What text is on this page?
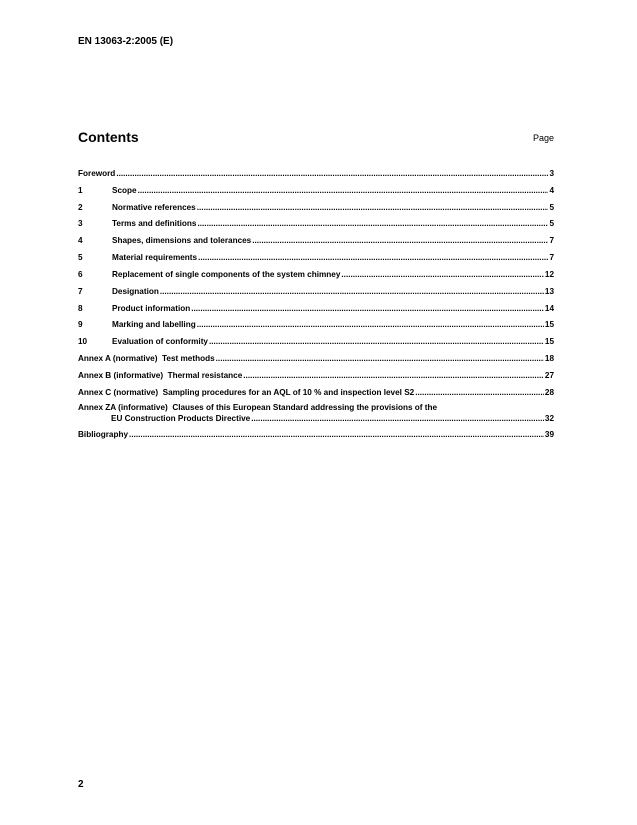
EN 13063-2:2005 (E)
Contents	Page
Foreword .....	3
1	Scope .....	4
2	Normative references .....	5
3	Terms and definitions .....	5
4	Shapes, dimensions and tolerances .....	7
5	Material requirements .....	7
6	Replacement of single components of the system chimney .....	12
7	Designation .....	13
8	Product information .....	14
9	Marking and labelling .....	15
10	Evaluation of conformity .....	15
Annex A (normative)  Test methods .....	18
Annex B (informative)  Thermal resistance .....	27
Annex C (normative)  Sampling procedures for an AQL of 10 % and inspection level S2 .....	28
Annex ZA (informative)  Clauses of this European Standard addressing the provisions of the
EU Construction Products Directive .....	32
Bibliography .....	39
2
